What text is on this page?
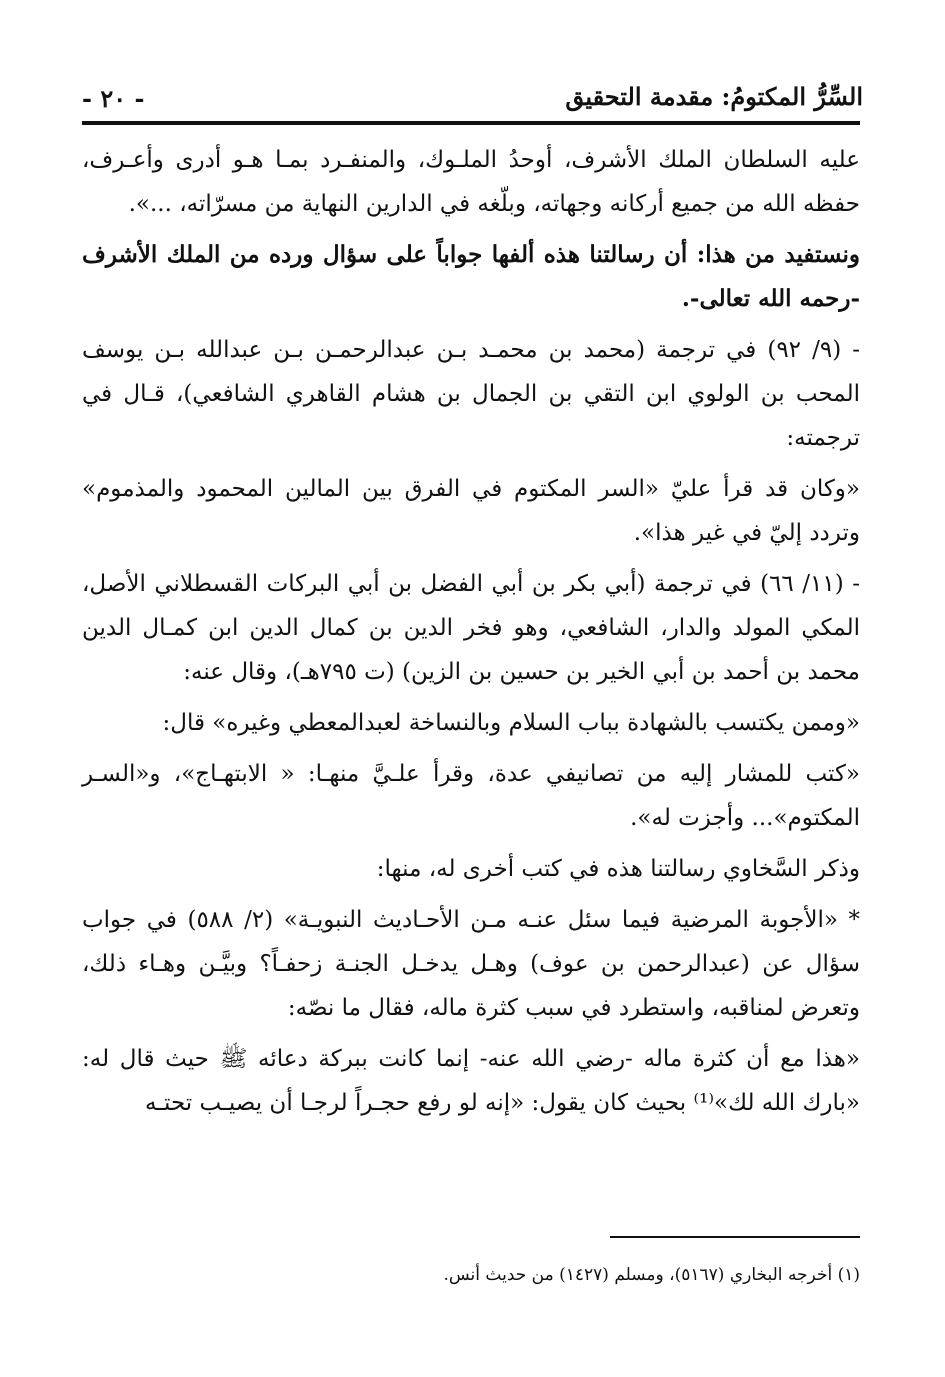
السِّرُّ المكتومُ: مقدمة التحقيق
- ٢٠ -

عليه السلطان الملك الأشرف، أوحدُ الملـوك، والمنفـرد بمـا هـو أدرى وأعـرف، حفظه الله من جميع أركانه وجهاته، وبلّغه في الدارين النهاية من مسرّاته، ...».

ونستفيد من هذا: أن رسالتنا هذه ألفها جواباً على سؤال ورده من الملك الأشرف -رحمه الله تعالى-.

- (٩/ ٩٢) في ترجمة (محمد بن محمـد بـن عبدالرحمـن بـن عبدالله بـن يوسف المحب بن الولوي ابن التقي بن الجمال بن هشام القاهري الشافعي)، قـال في ترجمته:

«وكان قد قرأ عليّ «السر المكتوم في الفرق بين المالين المحمود والمذموم» وتردد إليّ في غير هذا».

- (١١/ ٦٦) في ترجمة (أبي بكر بن أبي الفضل بن أبي البركات القسطلاني الأصل، المكي المولد والدار، الشافعي، وهو فخر الدين بن كمال الدين ابن كمـال الدين محمد بن أحمد بن أبي الخير بن حسين بن الزين) (ت ٧٩٥هـ)، وقال عنه:

«وممن يكتسب بالشهادة بباب السلام وبالنساخة لعبدالمعطي وغيره» قال:

«كتب للمشار إليه من تصانيفي عدة، وقرأ علـيَّ منهـا: « الابتهـاج»، و«السـر المكتوم»... وأجزت له».

وذكر السَّخاوي رسالتنا هذه في كتب أخرى له، منها:

* «الأجوبة المرضية فيما سئل عنـه مـن الأحـاديث النبويـة» (٢/ ٥٨٨) في جواب سؤال عن (عبدالرحمن بن عوف) وهـل يدخـل الجنـة زحفـاً؟ وبيَّـن وهـاء ذلك، وتعرض لمناقبه، واستطرد في سبب كثرة ماله، فقال ما نصّه:

«هذا مع أن كثرة ماله -رضي الله عنه- إنما كانت ببركة دعائه ﷺ حيث قال له: «بارك الله لك»⁽¹⁾ بحيث كان يقول: «إنه لو رفع حجـراً لرجـا أن يصيـب تحتـه

(١) أخرجه البخاري (٥١٦٧)، ومسلم (١٤٢٧) من حديث أنس.
